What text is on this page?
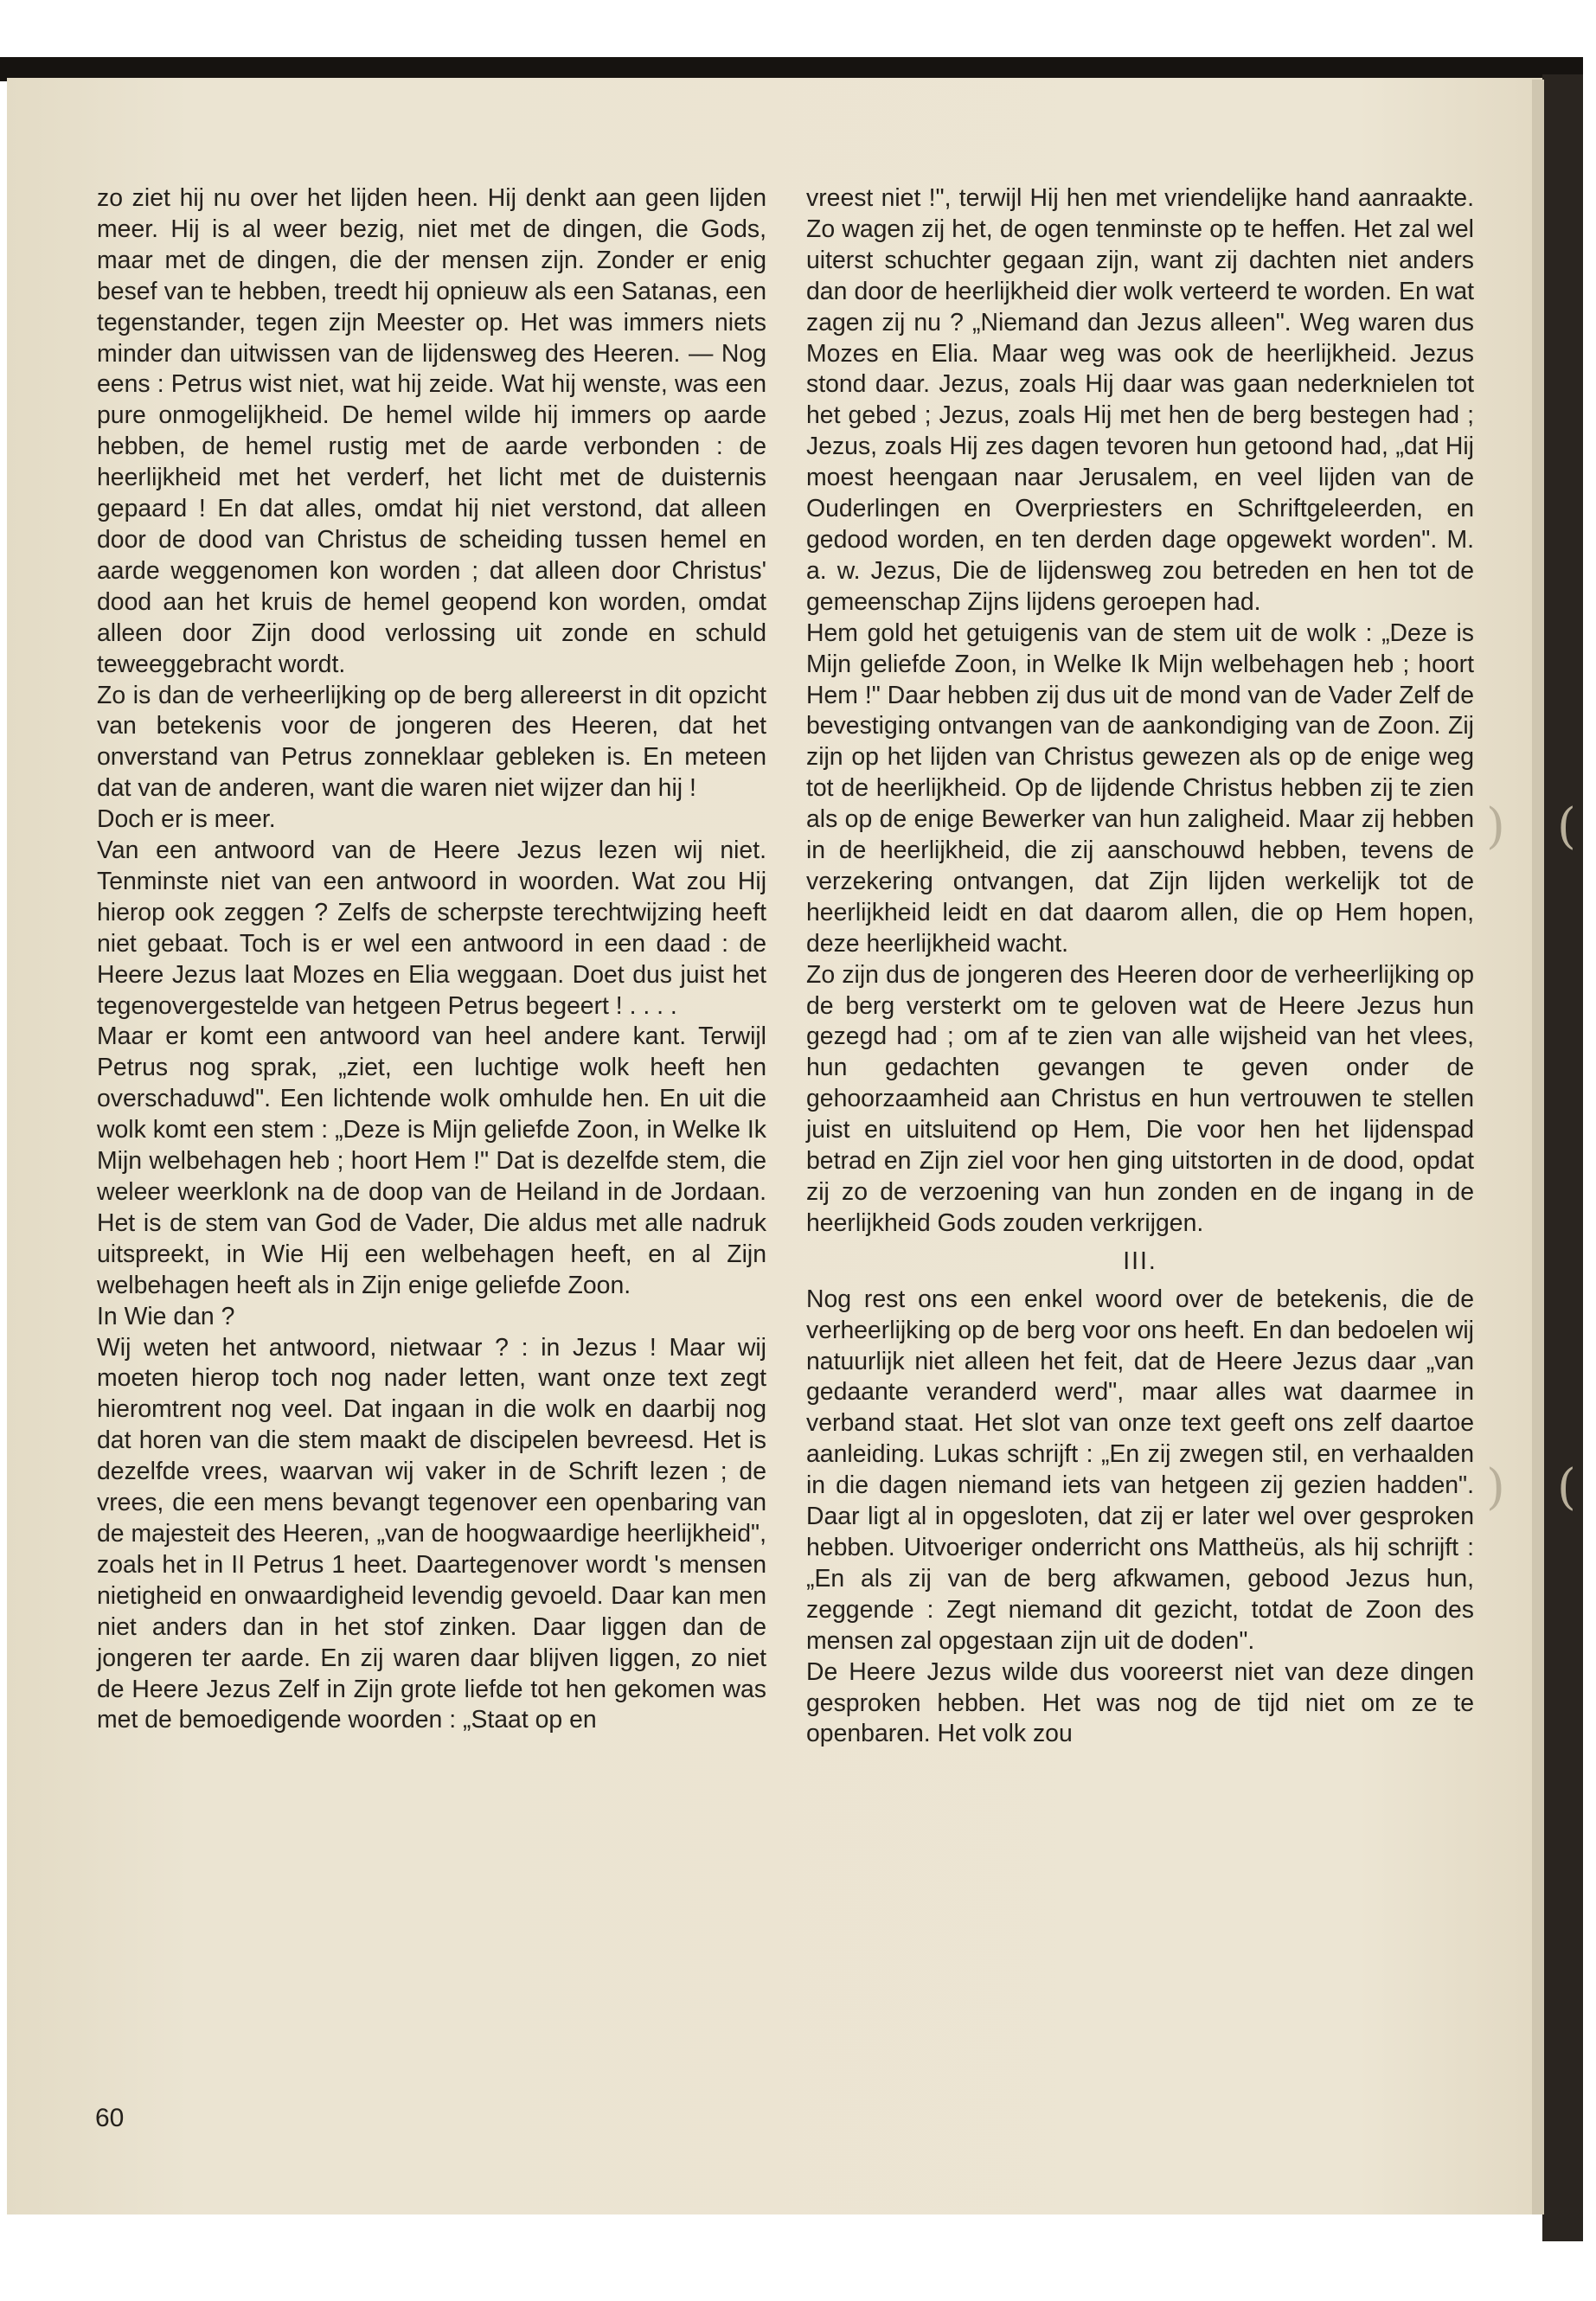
zo ziet hij nu over het lijden heen. Hij denkt aan geen lijden meer. Hij is al weer bezig, niet met de dingen, die Gods, maar met de dingen, die der mensen zijn. Zonder er enig besef van te hebben, treedt hij opnieuw als een Satanas, een tegenstander, tegen zijn Meester op. Het was immers niets minder dan uitwissen van de lijdensweg des Heeren. — Nog eens : Petrus wist niet, wat hij zeide. Wat hij wenste, was een pure onmogelijkheid. De hemel wilde hij immers op aarde hebben, de hemel rustig met de aarde verbonden : de heerlijkheid met het verderf, het licht met de duisternis gepaard ! En dat alles, omdat hij niet verstond, dat alleen door de dood van Christus de scheiding tussen hemel en aarde weggenomen kon worden ; dat alleen door Christus' dood aan het kruis de hemel geopend kon worden, omdat alleen door Zijn dood verlossing uit zonde en schuld teweeggebracht wordt.

Zo is dan de verheerlijking op de berg allereerst in dit opzicht van betekenis voor de jongeren des Heeren, dat het onverstand van Petrus zonneklaar gebleken is. En meteen dat van de anderen, want die waren niet wijzer dan hij !

Doch er is meer.

Van een antwoord van de Heere Jezus lezen wij niet. Tenminste niet van een antwoord in woorden. Wat zou Hij hierop ook zeggen ? Zelfs de scherpste terechtwijzing heeft niet gebaat. Toch is er wel een antwoord in een daad : de Heere Jezus laat Mozes en Elia weggaan. Doet dus juist het tegenovergestelde van hetgeen Petrus begeert ! . . . .

Maar er komt een antwoord van heel andere kant. Terwijl Petrus nog sprak, „ziet, een luchtige wolk heeft hen overschaduwd". Een lichtende wolk omhulde hen. En uit die wolk komt een stem : „Deze is Mijn geliefde Zoon, in Welke Ik Mijn welbehagen heb ; hoort Hem !" Dat is dezelfde stem, die weleer weerklonk na de doop van de Heiland in de Jordaan. Het is de stem van God de Vader, Die aldus met alle nadruk uitspreekt, in Wie Hij een welbehagen heeft, en al Zijn welbehagen heeft als in Zijn enige geliefde Zoon.

In Wie dan ?

Wij weten het antwoord, nietwaar ? : in Jezus ! Maar wij moeten hierop toch nog nader letten, want onze text zegt hieromtrent nog veel. Dat ingaan in die wolk en daarbij nog dat horen van die stem maakt de discipelen bevreesd. Het is dezelfde vrees, waarvan wij vaker in de Schrift lezen ; de vrees, die een mens bevangt tegenover een openbaring van de majesteit des Heeren, „van de hoogwaardige heerlijkheid", zoals het in II Petrus 1 heet. Daartegenover wordt 's mensen nietigheid en onwaardigheid levendig gevoeld. Daar kan men niet anders dan in het stof zinken. Daar liggen dan de jongeren ter aarde. En zij waren daar blijven liggen, zo niet de Heere Jezus Zelf in Zijn grote liefde tot hen gekomen was met de bemoedigende woorden : „Staat op en

vreest niet !", terwijl Hij hen met vriendelijke hand aanraakte. Zo wagen zij het, de ogen tenminste op te heffen. Het zal wel uiterst schuchter gegaan zijn, want zij dachten niet anders dan door de heerlijkheid dier wolk verteerd te worden. En wat zagen zij nu ? „Niemand dan Jezus alleen". Weg waren dus Mozes en Elia. Maar weg was ook de heerlijkheid. Jezus stond daar. Jezus, zoals Hij daar was gaan nederknielen tot het gebed ; Jezus, zoals Hij met hen de berg bestegen had ; Jezus, zoals Hij zes dagen tevoren hun getoond had, „dat Hij moest heengaan naar Jerusalem, en veel lijden van de Ouderlingen en Overpriesters en Schriftgeleerden, en gedood worden, en ten derden dage opgewekt worden". M. a. w. Jezus, Die de lijdensweg zou betreden en hen tot de gemeenschap Zijns lijdens geroepen had.

Hem gold het getuigenis van de stem uit de wolk : „Deze is Mijn geliefde Zoon, in Welke Ik Mijn welbehagen heb ; hoort Hem !" Daar hebben zij dus uit de mond van de Vader Zelf de bevestiging ontvangen van de aankondiging van de Zoon. Zij zijn op het lijden van Christus gewezen als op de enige weg tot de heerlijkheid. Op de lijdende Christus hebben zij te zien als op de enige Bewerker van hun zaligheid. Maar zij hebben in de heerlijkheid, die zij aanschouwd hebben, tevens de verzekering ontvangen, dat Zijn lijden werkelijk tot de heerlijkheid leidt en dat daarom allen, die op Hem hopen, deze heerlijkheid wacht.

Zo zijn dus de jongeren des Heeren door de verheerlijking op de berg versterkt om te geloven wat de Heere Jezus hun gezegd had ; om af te zien van alle wijsheid van het vlees, hun gedachten gevangen te geven onder de gehoorzaamheid aan Christus en hun vertrouwen te stellen juist en uitsluitend op Hem, Die voor hen het lijdenspad betrad en Zijn ziel voor hen ging uitstorten in de dood, opdat zij zo de verzoening van hun zonden en de ingang in de heerlijkheid Gods zouden verkrijgen.

III.

Nog rest ons een enkel woord over de betekenis, die de verheerlijking op de berg voor ons heeft. En dan bedoelen wij natuurlijk niet alleen het feit, dat de Heere Jezus daar „van gedaante veranderd werd", maar alles wat daarmee in verband staat. Het slot van onze text geeft ons zelf daartoe aanleiding. Lukas schrijft : „En zij zwegen stil, en verhaalden in die dagen niemand iets van hetgeen zij gezien hadden". Daar ligt al in opgesloten, dat zij er later wel over gesproken hebben. Uitvoeriger onderricht ons Mattheüs, als hij schrijft : „En als zij van de berg afkwamen, gebood Jezus hun, zeggende : Zegt niemand dit gezicht, totdat de Zoon des mensen zal opgestaan zijn uit de doden".

De Heere Jezus wilde dus vooreerst niet van deze dingen gesproken hebben. Het was nog de tijd niet om ze te openbaren. Het volk zou

60
) (
) (
